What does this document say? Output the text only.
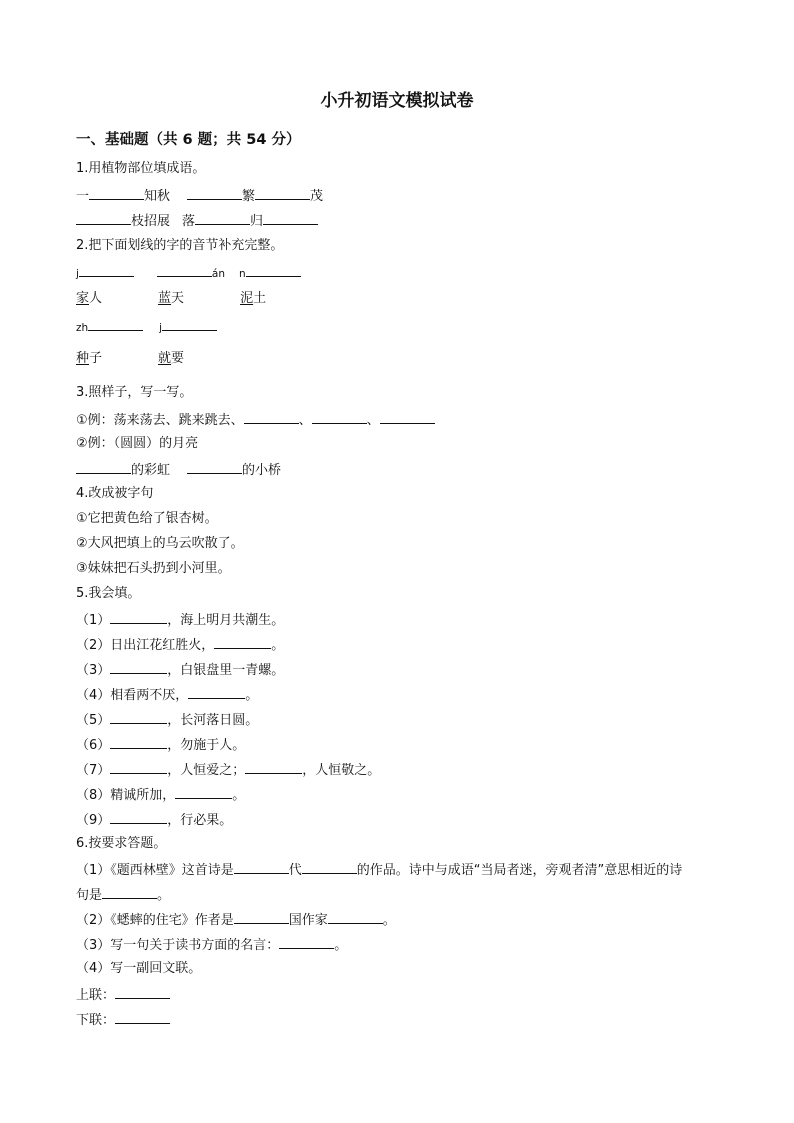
小升初语文模拟试卷
一、基础题（共 6 题；共 54 分）
1.用植物部位填成语。
一	知秋	繁	茂
枝招展 落	归
2.把下面划线的字的音节补充完整。
j	án n
家人	蓝天	泥土
zh	j
种子	就要
3.照样子，写一写。
①例：荡来荡去、跳来跳去、	、	、
②例：（圆圆）的月亮
的彩虹	的小桥
4.改成被字句
①它把黄色给了银杏树。
②大风把填上的乌云吹散了。
③妹妹把石头扔到小河里。
5.我会填。
（1）	，海上明月共潮生。
（2）日出江花红胜火，	。
（3）	，白银盘里一青螺。
（4）相看两不厌，	。
（5）	，长河落日圆。
（6）	，勿施于人。
（7）	，人恒爱之；	，人恒敬之。
（8）精诚所加，	。
（9）	，行必果。
6.按要求答题。
（1）《题西林壁》这首诗是	代	的作品。诗中与成语“当局者迷，旁观者清”意思相近的诗
句是	。
（2）《蟋蟀的住宅》作者是	国作家	。
（3）写一句关于读书方面的名言：	。
（4）写一副回文联。
上联：
下联：
